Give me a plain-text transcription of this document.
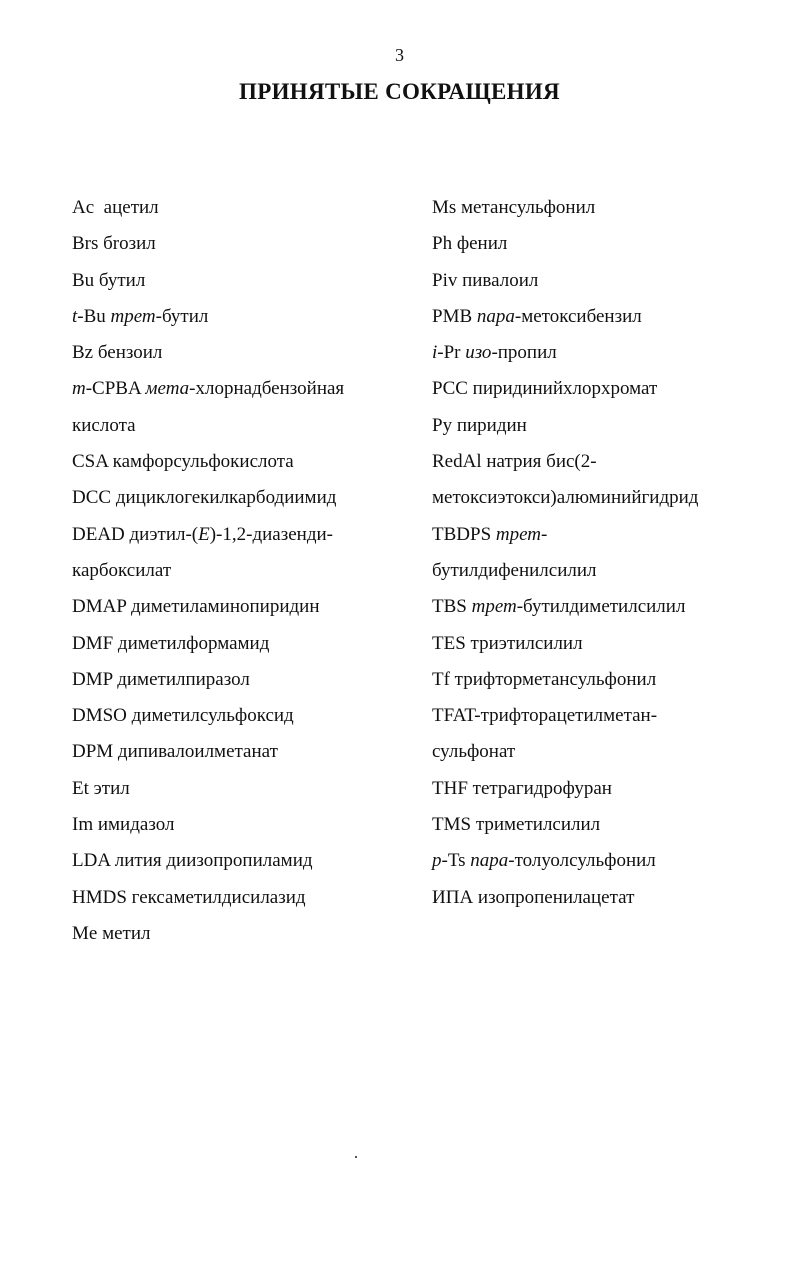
3
ПРИНЯТЫЕ СОКРАЩЕНИЯ
Ac  ацетил
Brs бrозил
Bu бутил
t-Bu трет-бутил
Bz бензоил
m-CPBA мета-хлорнадбензойная
кислота
CSA камфорсульфокислота
DCC дициклогекилкарбодиимид
DEAD диэтил-(E)-1,2-диазенди-
карбоксилат
DMAP диметиламинопиридин
DMF диметилформамид
DMP диметилпиразол
DMSO диметилсульфоксид
DPM дипивалоилметанат
Et этил
Im имидазол
LDA лития диизопропиламид
HMDS гексаметилдисилазид
Me метил
Ms метансульфонил
Ph фенил
Piv пивалоил
PMB пара-метоксибензил
i-Pr изо-пропил
PCC пиридинийхлорхромат
Py пиридин
RedAl натрия бис(2-
метоксиэтокси)алюминийгидрид
TBDPS трет-
бутилдифенилсилил
TBS трет-бутилдиметилсилил
TES триэтилсилил
Tf трифторметансульфонил
TFAT-трифторацетилметан-
сульфонат
THF тетрагидрофуран
TMS триметилсилил
p-Ts пара-толуолсульфонил
ИПА изопропенилацетат
